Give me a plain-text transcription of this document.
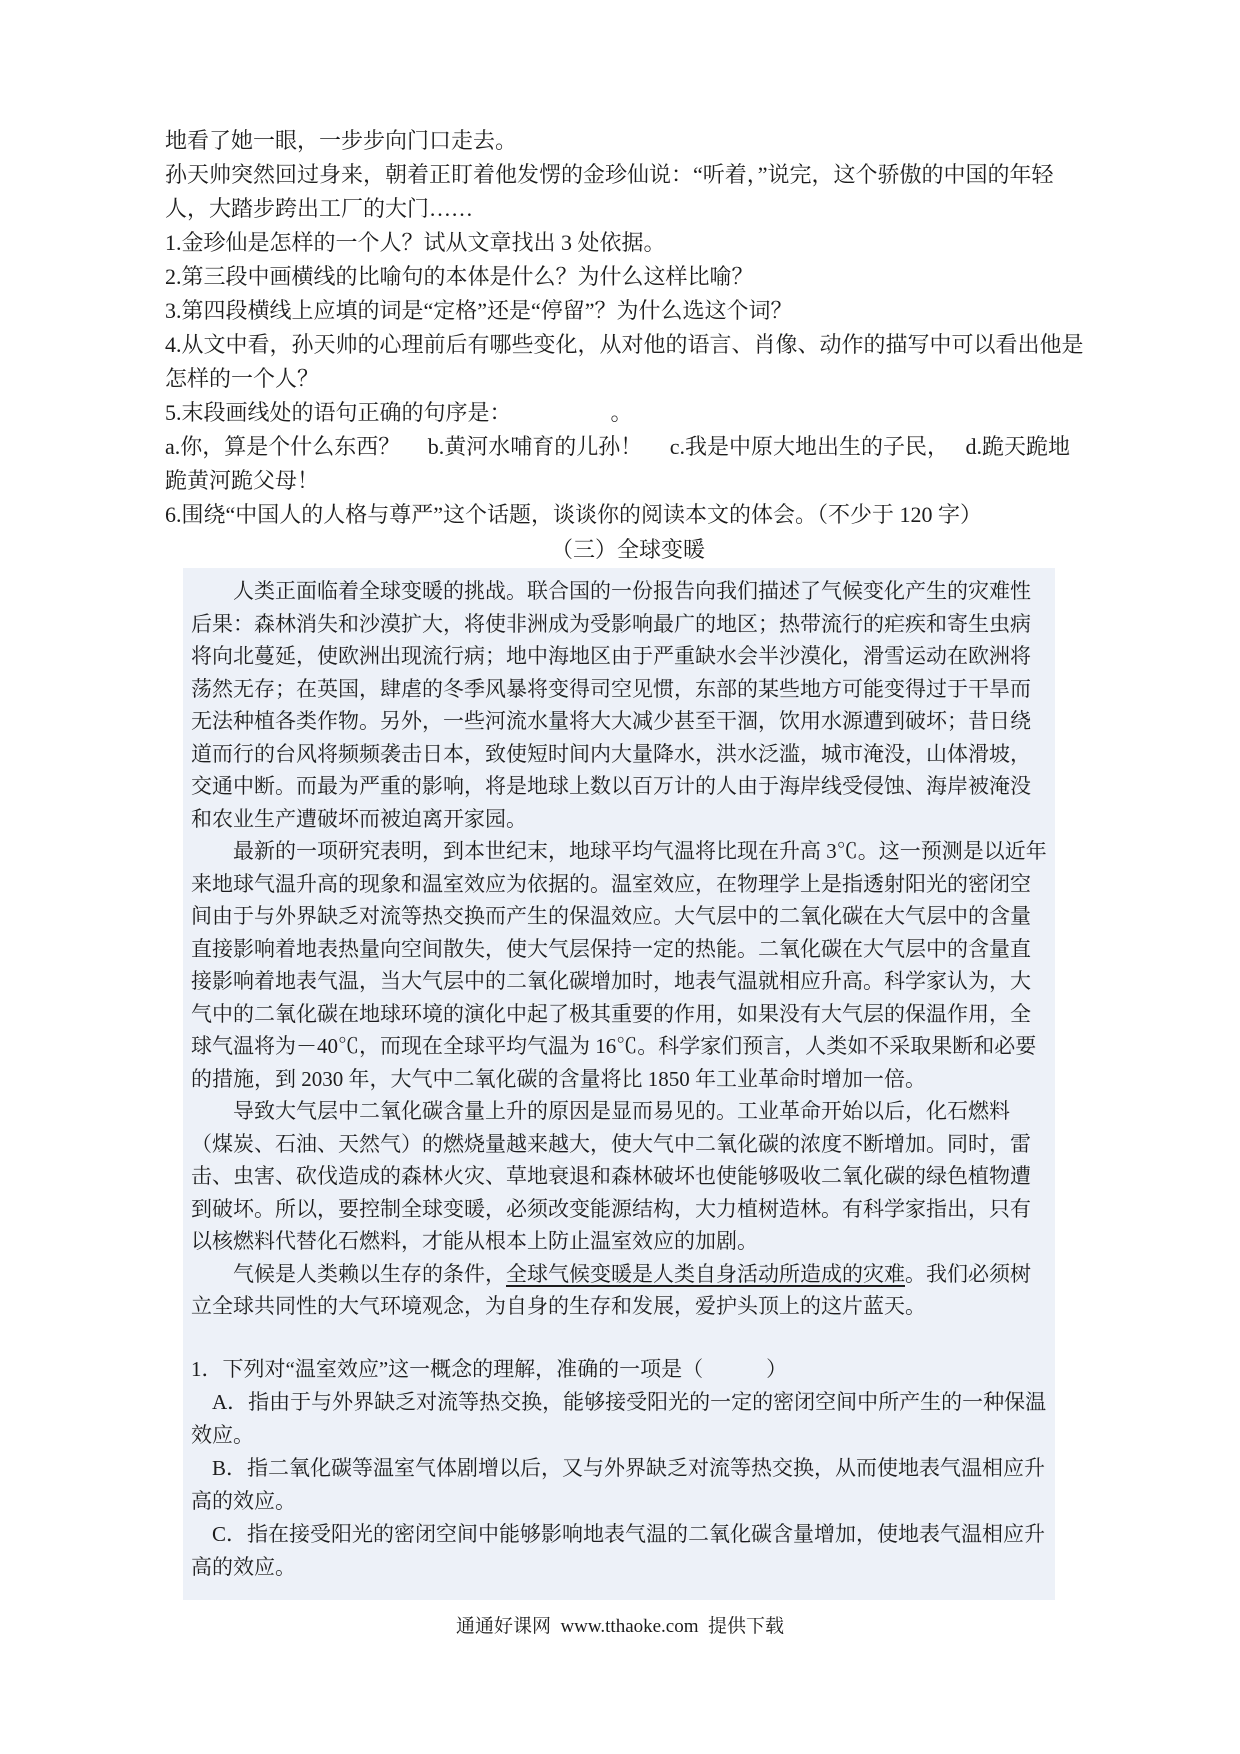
地看了她一眼，一步步向门口走去。

孙天帅突然回过身来，朝着正盯着他发愣的金珍仙说：“听着，”说完，这个骄傲的中国的年轻人，大踏步跨出工厂的大门……

1.金珍仙是怎样的一个人？试从文章找出 3 处依据。

2.第三段中画横线的比喻句的本体是什么？为什么这样比喻？

3.第四段横线上应填的词是“定格”还是“停留”？为什么选这个词？

4.从文中看，孙天帅的心理前后有哪些变化，从对他的语言、肖像、动作的描写中可以看出他是怎样的一个人？

5.末段画线处的语句正确的句序是：　　　　　。

a.你，算是个什么东西？　 b.黄河水哺育的儿孙！　 c.我是中原大地出生的子民，　 d.跪天跪地跪黄河跪父母！

6.围绕“中国人的人格与尊严”这个话题，谈谈你的阅读本文的体会。（不少于 120 字）

（三）全球变暖

人类正面临着全球变暖的挑战。联合国的一份报告向我们描述了气候变化产生的灾难性后果：森林消失和沙漠扩大，将使非洲成为受影响最广的地区；热带流行的疟疾和寄生虫病将向北蔓延，使欧洲出现流行病；地中海地区由于严重缺水会半沙漠化，滑雪运动在欧洲将荡然无存；在英国，肆虐的冬季风暴将变得司空见惯，东部的某些地方可能变得过于干旱而无法种植各类作物。另外，一些河流水量将大大减少甚至干涸，饮用水源遭到破坏；昔日绕道而行的台风将频频袭击日本，致使短时间内大量降水，洪水泛滥，城市淹没，山体滑坡，交通中断。而最为严重的影响，将是地球上数以百万计的人由于海岸线受侵蚀、海岸被淹没和农业生产遭破坏而被迫离开家园。

最新的一项研究表明，到本世纪末，地球平均气温将比现在升高 3℃。这一预测是以近年来地球气温升高的现象和温室效应为依据的。温室效应，在物理学上是指透射阳光的密闭空间由于与外界缺乏对流等热交换而产生的保温效应。大气层中的二氧化碳在大气层中的含量直接影响着地表热量向空间散失，使大气层保持一定的热能。二氧化碳在大气层中的含量直接影响着地表气温，当大气层中的二氧化碳增加时，地表气温就相应升高。科学家认为，大气中的二氧化碳在地球环境的演化中起了极其重要的作用，如果没有大气层的保温作用，全球气温将为－40℃，而现在全球平均气温为 16℃。科学家们预言，人类如不采取果断和必要的措施，到 2030 年，大气中二氧化碳的含量将比 1850 年工业革命时增加一倍。

导致大气层中二氧化碳含量上升的原因是显而易见的。工业革命开始以后，化石燃料（煤炭、石油、天然气）的燃烧量越来越大，使大气中二氧化碳的浓度不断增加。同时，雷击、虫害、砍伐造成的森林火灾、草地衰退和森林破坏也使能够吸收二氧化碳的绿色植物遭到破坏。所以，要控制全球变暖，必须改变能源结构，大力植树造林。有科学家指出，只有以核燃料代替化石燃料，才能从根本上防止温室效应的加剧。

气候是人类赖以生存的条件，全球气候变暖是人类自身活动所造成的灾难。我们必须树立全球共同性的大气环境观念，为自身的生存和发展，爱护头顶上的这片蓝天。

1．下列对“温室效应”这一概念的理解，准确的一项是（　　　）

A．指由于与外界缺乏对流等热交换，能够接受阳光的一定的密闭空间中所产生的一种保温效应。

B．指二氧化碳等温室气体剧增以后，又与外界缺乏对流等热交换，从而使地表气温相应升高的效应。

C．指在接受阳光的密闭空间中能够影响地表气温的二氧化碳含量增加，使地表气温相应升高的效应。

通通好课网  www.tthaoke.com  提供下载
